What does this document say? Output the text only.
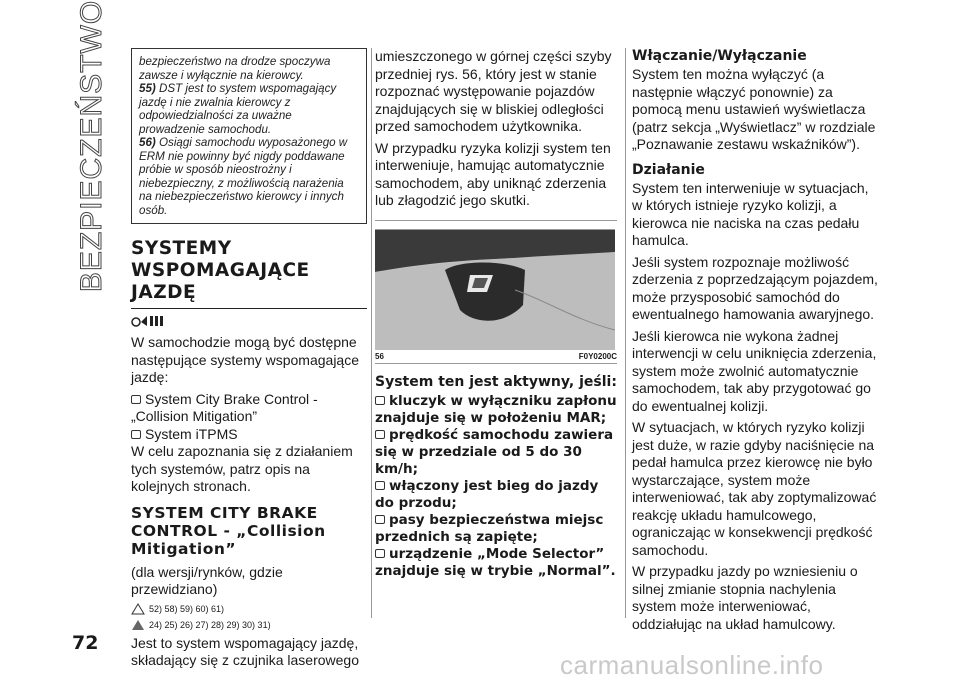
BEZPIECZEŃSTWO	bezpieczeństwo na drodze spoczywa zawsze i wyłącznie na kierowcy.

55) DST jest to system wspomagający jazdę i nie zwalnia kierowcy z odpowiedzialności za uważne prowadzenie samochodu.

56) Osiągi samochodu wyposażonego w ERM nie powinny być nigdy poddawane próbie w sposób nieostrożny i niebezpieczny, z możliwością narażenia na niebezpieczeństwo kierowcy i innych osób.

SYSTEMY WSPOMAGAJĄCE JAZDĘ

W samochodzie mogą być dostępne następujące systemy wspomagające jazdę:

System City Brake Control - „Collision Mitigation”

System iTPMS

W celu zapoznania się z działaniem tych systemów, patrz opis na kolejnych stronach.

SYSTEM CITY BRAKE CONTROL - „Collision Mitigation”

(dla wersji/rynków, gdzie przewidziano)

52) 58) 59) 60) 61)
24) 25) 26) 27) 28) 29) 30) 31)

Jest to system wspomagający jazdę, składający się z czujnika laserowego

umieszczonego w górnej części szyby przedniej rys. 56, który jest w stanie rozpoznać występowanie pojazdów znajdujących się w bliskiej odległości przed samochodem użytkownika.

W przypadku ryzyka kolizji system ten interweniuje, hamując automatycznie samochodem, aby uniknąć zderzenia lub złagodzić jego skutki.

56	F0Y0200C
System ten jest aktywny, jeśli:

kluczyk w wyłączniku zapłonu znajduje się w położeniu MAR;

prędkość samochodu zawiera się w przedziale od 5 do 30 km/h;

włączony jest bieg do jazdy do przodu;

pasy bezpieczeństwa miejsc przednich są zapięte;

urządzenie „Mode Selector” znajduje się w trybie „Normal”.

Włączanie/Wyłączanie

System ten można wyłączyć (a następnie włączyć ponownie) za pomocą menu ustawień wyświetlacza (patrz sekcja „Wyświetlacz” w rozdziale „Poznawanie zestawu wskaźników”).

Działanie

System ten interweniuje w sytuacjach, w których istnieje ryzyko kolizji, a kierowca nie naciska na czas pedału hamulca.

Jeśli system rozpoznaje możliwość zderzenia z poprzedzającym pojazdem, może przysposobić samochód do ewentualnego hamowania awaryjnego.

Jeśli kierowca nie wykona żadnej interwencji w celu uniknięcia zderzenia, system może zwolnić automatycznie samochodem, tak aby przygotować go do ewentualnej kolizji.

W sytuacjach, w których ryzyko kolizji jest duże, w razie gdyby naciśnięcie na pedał hamulca przez kierowcę nie było wystarczające, system może interweniować, tak aby zoptymalizować reakcję układu hamulcowego, ograniczając w konsekwencji prędkość samochodu.

W przypadku jazdy po wzniesieniu o silnej zmianie stopnia nachylenia system może interweniować, oddziałując na układ hamulcowy.

72
carmanualsonline.info
